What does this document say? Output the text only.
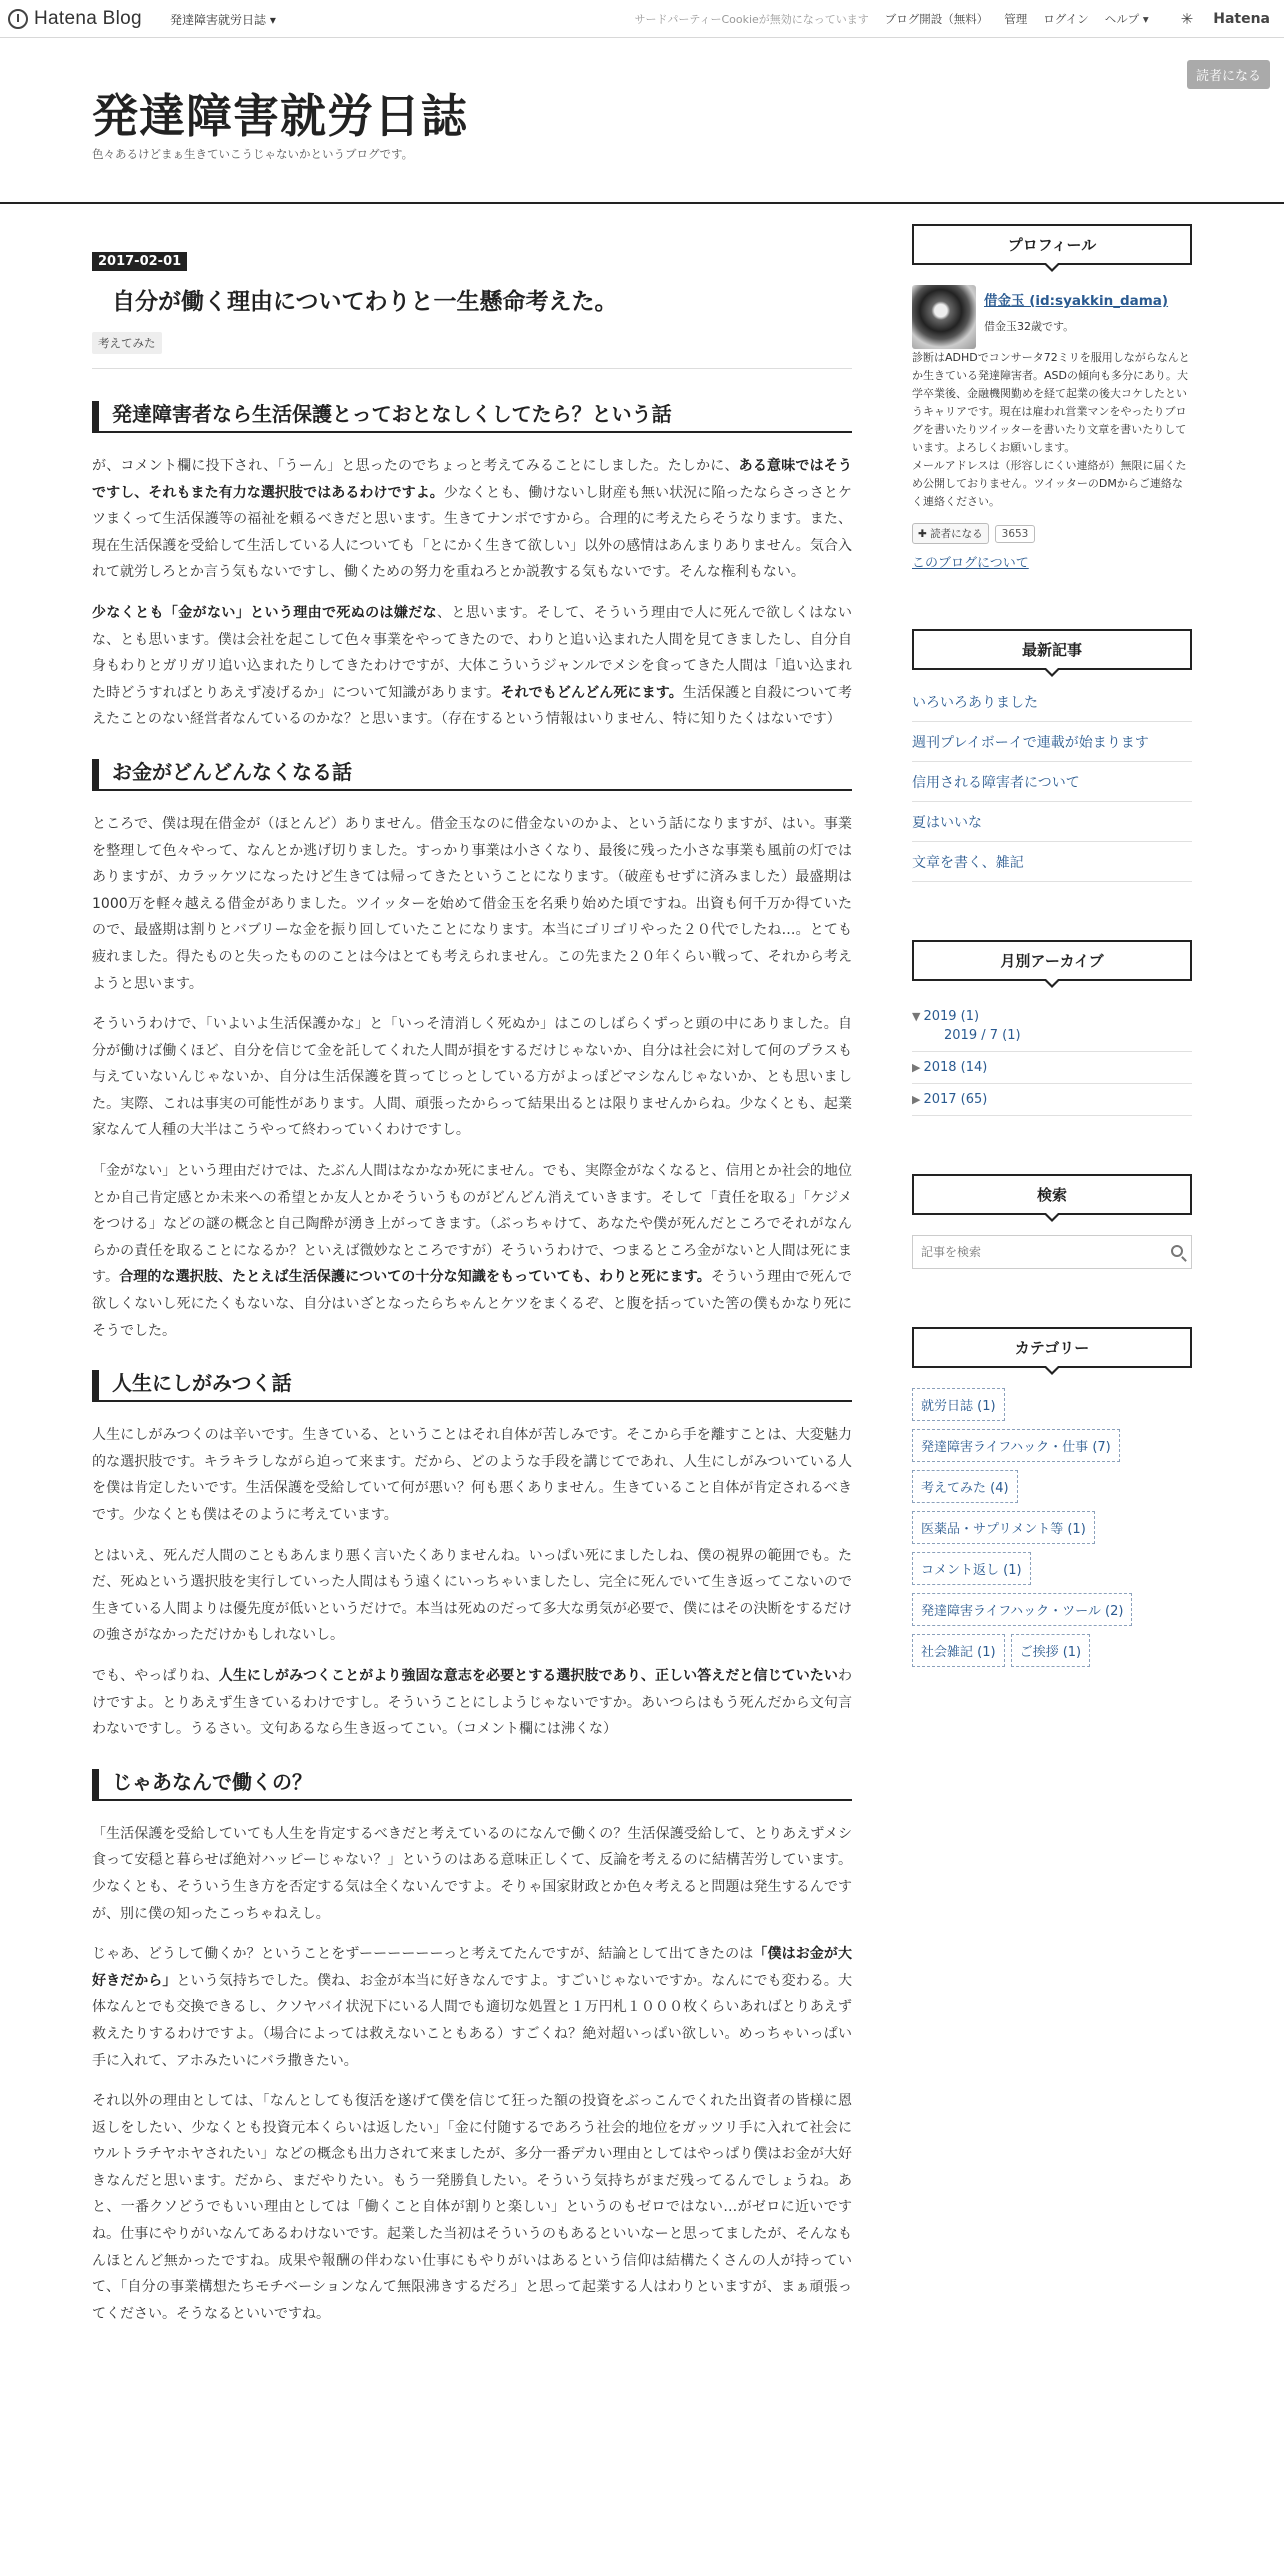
Hatena Blog 発達障害就労日誌 ▾	サードパーティーCookieが無効になっています ブログ開設（無料） 管理 ログイン ヘルプ ▾ ✳ Hatena
発達障害就労日誌
色々あるけどまぁ生きていこうじゃないかというブログです。
読者になる
2017-02-01
自分が働く理由についてわりと一生懸命考えた。
考えてみた
発達障害者なら生活保護とっておとなしくしてたら？という話

が、コメント欄に投下され、「うーん」と思ったのでちょっと考えてみることにしました。たしかに、ある意味ではそうですし、それもまた有力な選択肢ではあるわけですよ。少なくとも、働けないし財産も無い状況に陥ったならさっさとケツまくって生活保護等の福祉を頼るべきだと思います。生きてナンボですから。合理的に考えたらそうなります。また、現在生活保護を受給して生活している人についても「とにかく生きて欲しい」以外の感情はあんまりありません。気合入れて就労しろとか言う気もないですし、働くための努力を重ねろとか説教する気もないです。そんな権利もない。

少なくとも「金がない」という理由で死ぬのは嫌だな、と思います。そして、そういう理由で人に死んで欲しくはないな、とも思います。僕は会社を起こして色々事業をやってきたので、わりと追い込まれた人間を見てきましたし、自分自身もわりとガリガリ追い込まれたりしてきたわけですが、大体こういうジャンルでメシを食ってきた人間は「追い込まれた時どうすればとりあえず凌げるか」について知識があります。それでもどんどん死にます。生活保護と自殺について考えたことのない経営者なんているのかな？と思います。（存在するという情報はいりません、特に知りたくはないです）

お金がどんどんなくなる話

ところで、僕は現在借金が（ほとんど）ありません。借金玉なのに借金ないのかよ、という話になりますが、はい。事業を整理して色々やって、なんとか逃げ切りました。すっかり事業は小さくなり、最後に残った小さな事業も風前の灯ではありますが、カラッケツになったけど生きては帰ってきたということになります。（破産もせずに済みました）最盛期は1000万を軽々越える借金がありました。ツイッターを始めて借金玉を名乗り始めた頃ですね。出資も何千万か得ていたので、最盛期は割りとバブリーな金を振り回していたことになります。本当にゴリゴリやった２０代でしたね…。とても疲れました。得たものと失ったもののことは今はとても考えられません。この先また２０年くらい戦って、それから考えようと思います。

そういうわけで、「いよいよ生活保護かな」と「いっそ清消しく死ぬか」はこのしばらくずっと頭の中にありました。自分が働けば働くほど、自分を信じて金を託してくれた人間が損をするだけじゃないか、自分は社会に対して何のプラスも与えていないんじゃないか、自分は生活保護を貰ってじっとしている方がよっぽどマシなんじゃないか、とも思いました。実際、これは事実の可能性があります。人間、頑張ったからって結果出るとは限りませんからね。少なくとも、起業家なんて人種の大半はこうやって終わっていくわけですし。

「金がない」という理由だけでは、たぶん人間はなかなか死にません。でも、実際金がなくなると、信用とか社会的地位とか自己肯定感とか未来への希望とか友人とかそういうものがどんどん消えていきます。そして「責任を取る」「ケジメをつける」などの謎の概念と自己陶酔が湧き上がってきます。（ぶっちゃけて、あなたや僕が死んだところでそれがなんらかの責任を取ることになるか？といえば微妙なところですが）そういうわけで、つまるところ金がないと人間は死にます。合理的な選択肢、たとえば生活保護についての十分な知識をもっていても、わりと死にます。そういう理由で死んで欲しくないし死にたくもないな、自分はいざとなったらちゃんとケツをまくるぞ、と腹を括っていた筈の僕もかなり死にそうでした。

人生にしがみつく話

人生にしがみつくのは辛いです。生きている、ということはそれ自体が苦しみです。そこから手を離すことは、大変魅力的な選択肢です。キラキラしながら迫って来ます。だから、どのような手段を講じてであれ、人生にしがみついている人を僕は肯定したいです。生活保護を受給していて何が悪い？何も悪くありません。生きていること自体が肯定されるべきです。少なくとも僕はそのように考えています。

とはいえ、死んだ人間のこともあんまり悪く言いたくありませんね。いっぱい死にましたしね、僕の視界の範囲でも。ただ、死ぬという選択肢を実行していった人間はもう遠くにいっちゃいましたし、完全に死んでいて生き返ってこないので生きている人間よりは優先度が低いというだけで。本当は死ぬのだって多大な勇気が必要で、僕にはその決断をするだけの強さがなかっただけかもしれないし。

でも、やっぱりね、人生にしがみつくことがより強固な意志を必要とする選択肢であり、正しい答えだと信じていたいわけですよ。とりあえず生きているわけですし。そういうことにしようじゃないですか。あいつらはもう死んだから文句言わないですし。うるさい。文句あるなら生き返ってこい。（コメント欄には沸くな）

じゃあなんで働くの？

「生活保護を受給していても人生を肯定するべきだと考えているのになんで働くの？生活保護受給して、とりあえずメシ食って安穏と暮らせば絶対ハッピーじゃない？」というのはある意味正しくて、反論を考えるのに結構苦労しています。少なくとも、そういう生き方を否定する気は全くないんですよ。そりゃ国家財政とか色々考えると問題は発生するんですが、別に僕の知ったこっちゃねえし。

じゃあ、どうして働くか？ということをずーーーーーーっと考えてたんですが、結論として出てきたのは「僕はお金が大好きだから」という気持ちでした。僕ね、お金が本当に好きなんですよ。すごいじゃないですか。なんにでも変わる。大体なんとでも交換できるし、クソヤバイ状況下にいる人間でも適切な処置と１万円札１０００枚くらいあればとりあえず救えたりするわけですよ。（場合によっては救えないこともある）すごくね？絶対超いっぱい欲しい。めっちゃいっぱい手に入れて、アホみたいにバラ撒きたい。

それ以外の理由としては、「なんとしても復活を遂げて僕を信じて狂った額の投資をぶっこんでくれた出資者の皆様に恩返しをしたい、少なくとも投資元本くらいは返したい」「金に付随するであろう社会的地位をガッツリ手に入れて社会にウルトラチヤホヤされたい」などの概念も出力されて来ましたが、多分一番デカい理由としてはやっぱり僕はお金が大好きなんだと思います。だから、まだやりたい。もう一発勝負したい。そういう気持ちがまだ残ってるんでしょうね。あと、一番クソどうでもいい理由としては「働くこと自体が割りと楽しい」というのもゼロではない…がゼロに近いですね。仕事にやりがいなんてあるわけないです。起業した当初はそういうのもあるといいなーと思ってましたが、そんなもんほとんど無かったですね。成果や報酬の伴わない仕事にもやりがいはあるという信仰は結構たくさんの人が持っていて、「自分の事業構想たちモチベーションなんて無限沸きするだろ」と思って起業する人はわりといますが、まぁ頑張ってください。そうなるといいですね。

プロフィール
借金玉 (id:syakkin_dama)
借金玉32歳です。
診断はADHDでコンサータ72ミリを服用しながらなんとか生きている発達障害者。ASDの傾向も多分にあり。大学卒業後、金融機関勤めを経て起業の後大コケしたというキャリアです。現在は雇われ営業マンをやったりブログを書いたりツイッターを書いたり文章を書いたりしています。よろしくお願いします。
メールアドレスは（形容しにくい連絡が）無限に届くため公開しておりません。ツイッターのDMからご連絡なく連絡ください。
✚ 読者になる	3653
このブログについて
最新記事
いろいろありました
週刊プレイボーイで連載が始まります
信用される障害者について
夏はいいな
文章を書く、雑記
月別アーカイブ
▼ 2019 (1)
2019 / 7 (1)
▶ 2018 (14)
▶ 2017 (65)
検索
記事を検索
カテゴリー
就労日誌 (1)
発達障害ライフハック・仕事 (7)
考えてみた (4)
医薬品・サプリメント等 (1)
コメント返し (1)
発達障害ライフハック・ツール (2)
社会雑記 (1)	ご挨拶 (1)
